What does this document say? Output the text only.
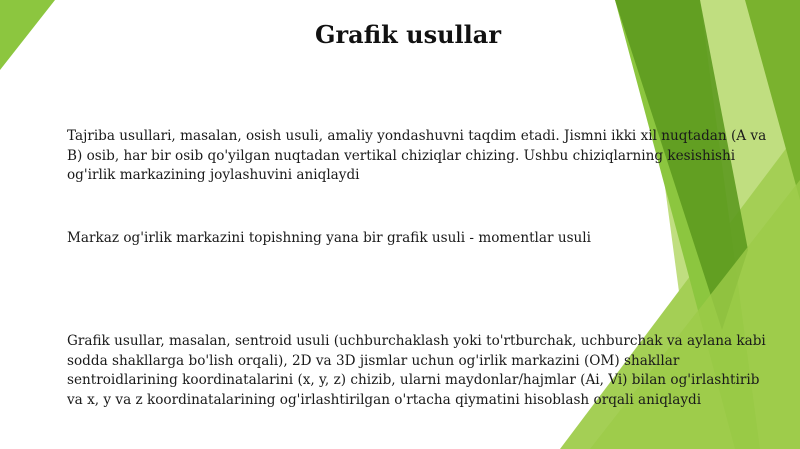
Grafik usullar

Tajriba usullari, masalan, osish usuli, amaliy yondashuvni taqdim etadi. Jismni ikki xil nuqtadan (A va B) osib, har bir osib qo'yilgan nuqtadan vertikal chiziqlar chizing. Ushbu chiziqlarning kesishishi og'irlik markazining joylashuvini aniqlaydi

Markaz og'irlik markazini topishning yana bir grafik usuli - momentlar usuli

Grafik usullar, masalan, sentroid usuli (uchburchaklash yoki to'rtburchak, uchburchak va aylana kabi sodda shakllarga bo'lish orqali), 2D va 3D jismlar uchun og'irlik markazini (OM) shakllar sentroidlarining koordinatalarini (x, y, z) chizib, ularni maydonlar/hajmlar (Ai, Vi) bilan og'irlashtirib va x, y va z koordinatalarining og'irlashtirilgan o'rtacha qiymatini hisoblash orqali aniqlaydi
